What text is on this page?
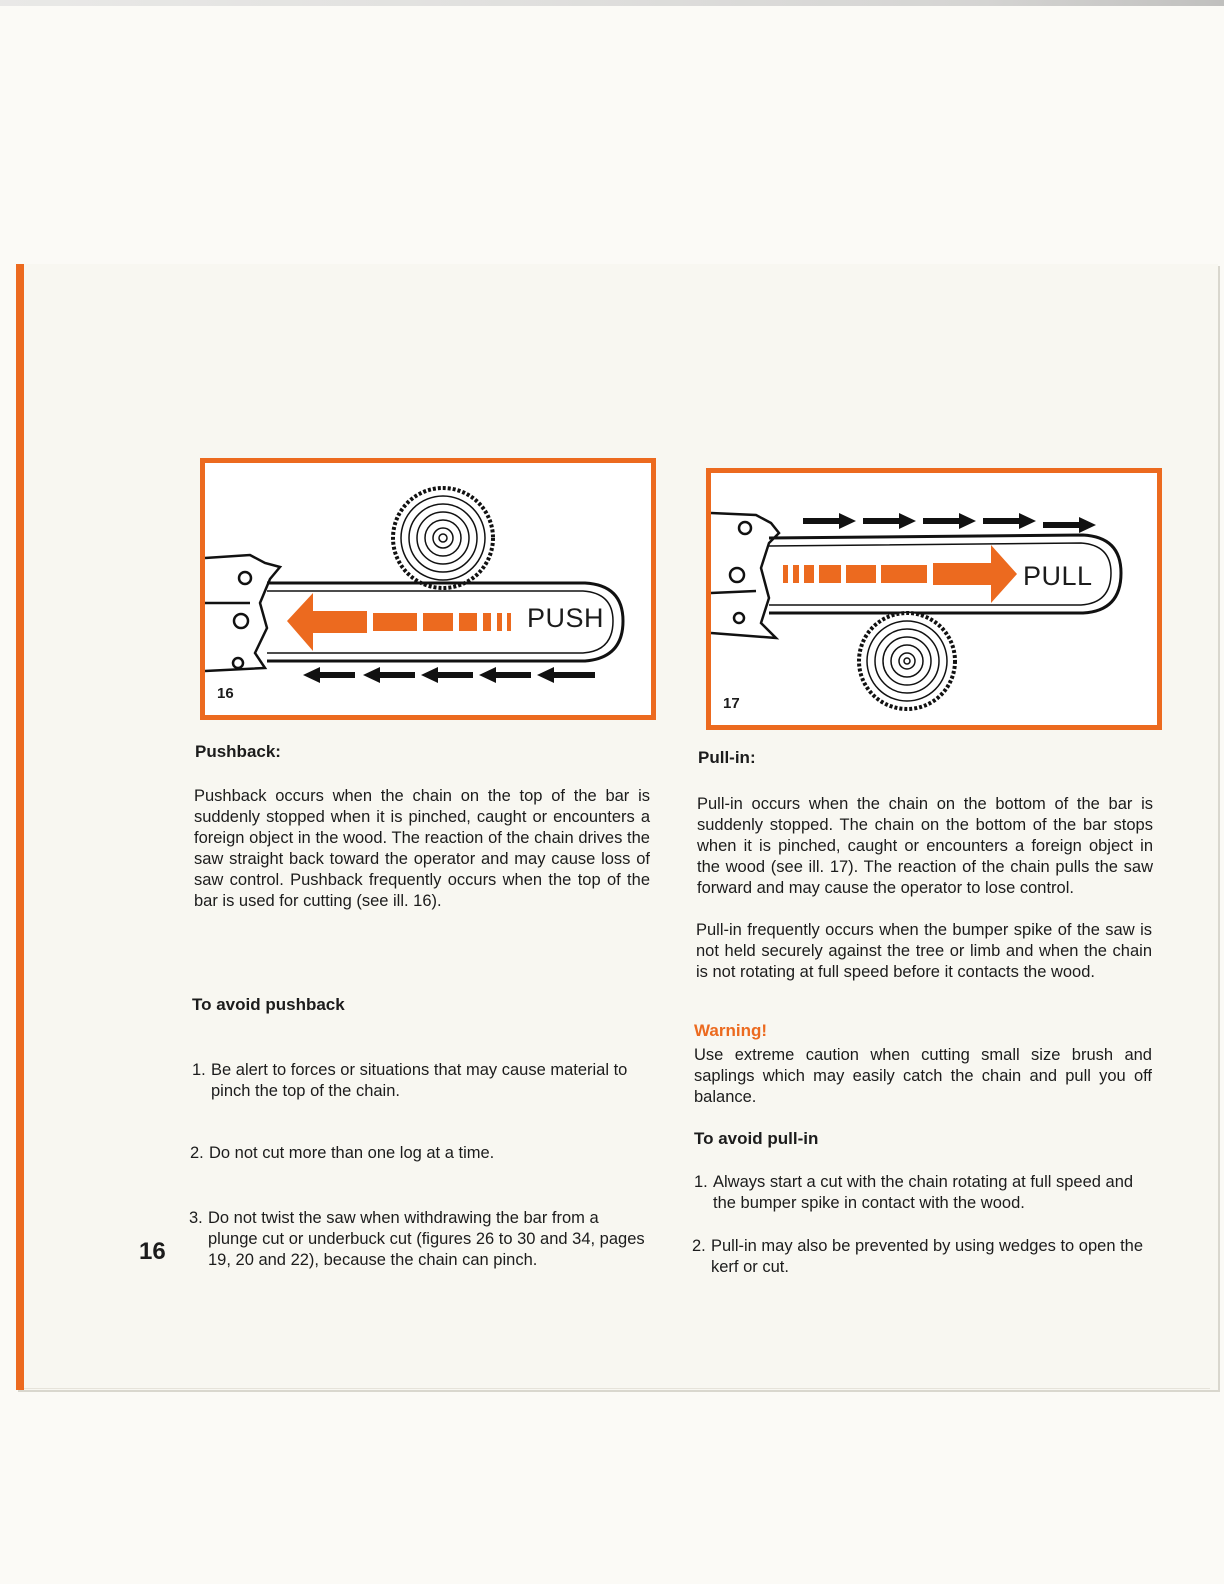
PUSH
16
PULL
17
Pushback:
Pushback occurs when the chain on the top of the bar is suddenly stopped when it is pinched, caught or encounters a foreign object in the wood. The reaction of the chain drives the saw straight back toward the operator and may cause loss of saw control. Pushback frequently occurs when the top of the bar is used for cutting (see ill. 16).
To avoid pushback
1. Be alert to forces or situations that may cause material to pinch the top of the chain.
2. Do not cut more than one log at a time.
3. Do not twist the saw when withdrawing the bar from a plunge cut or underbuck cut (figures 26 to 30 and 34, pages 19, 20 and 22), because the chain can pinch.
16
Pull-in:
Pull-in occurs when the chain on the bottom of the bar is suddenly stopped. The chain on the bottom of the bar stops when it is pinched, caught or encounters a foreign object in the wood (see ill. 17). The reaction of the chain pulls the saw forward and may cause the operator to lose control.
Pull-in frequently occurs when the bumper spike of the saw is not held securely against the tree or limb and when the chain is not rotating at full speed before it contacts the wood.
Warning!
Use extreme caution when cutting small size brush and saplings which may easily catch the chain and pull you off balance.
To avoid pull-in
1. Always start a cut with the chain rotating at full speed and the bumper spike in contact with the wood.
2. Pull-in may also be prevented by using wedges to open the kerf or cut.
